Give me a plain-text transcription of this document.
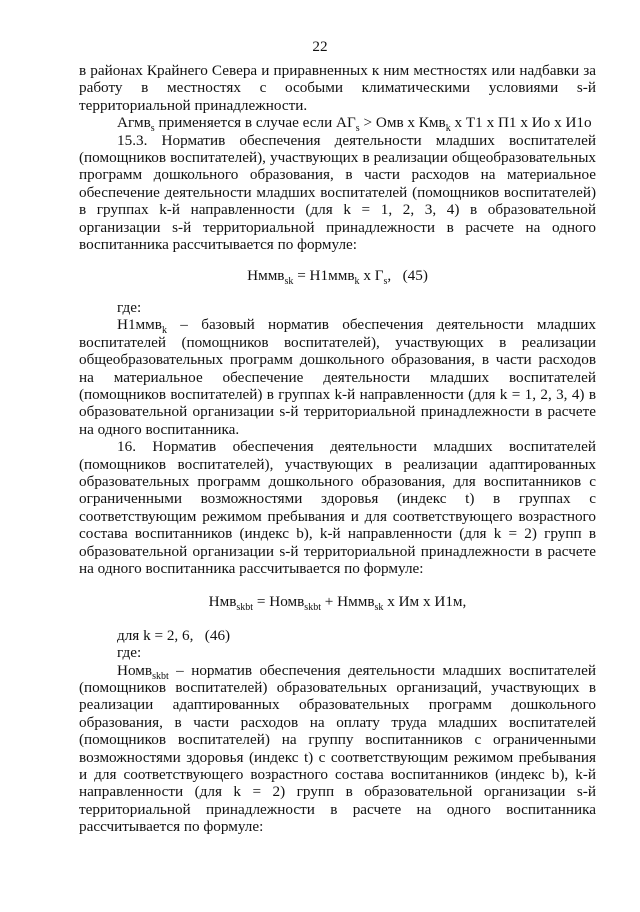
22

в районах Крайнего Севера и приравненных к ним местностях или надбавки за работу в местностях с особыми климатическими условиями s-й территориальной принадлежности.

Агмв$_s$ применяется в случае если $АГ_s$ > Омв х Кмв$_k$ х Т1 х П1 х Ио х И1о

15.3. Норматив обеспечения деятельности младших воспитателей (помощников воспитателей), участвующих в реализации общеобразовательных программ дошкольного образования, в части расходов на материальное обеспечение деятельности младших воспитателей (помощников воспитателей) в группах k-й направленности (для k = 1, 2, 3, 4) в образовательной организации s-й территориальной принадлежности в расчете на одного воспитанника рассчитывается по формуле:

Нммв$_{sk}$ = Н1ммв$_k$ х $Г_s$,   (45)

где:

Н1ммв$_k$ – базовый норматив обеспечения деятельности младших воспитателей (помощников воспитателей), участвующих в реализации общеобразовательных программ дошкольного образования, в части расходов на материальное обеспечение деятельности младших воспитателей (помощников воспитателей) в группах k-й направленности (для k = 1, 2, 3, 4) в образовательной организации s-й территориальной принадлежности в расчете на одного воспитанника.

16. Норматив обеспечения деятельности младших воспитателей (помощников воспитателей), участвующих в реализации адаптированных образовательных программ дошкольного образования, для воспитанников с ограниченными возможностями здоровья (индекс t) в группах с соответствующим режимом пребывания и для соответствующего возрастного состава воспитанников (индекс b), k-й направленности (для k = 2) групп в образовательной организации s-й территориальной принадлежности в расчете на одного воспитанника рассчитывается по формуле:

Нмв$_{skbt}$ = Номв$_{skbt}$ + Нммв$_{sk}$ х Им х И1м,

для k = 2, 6,   (46)

где:

Номв$_{skbt}$ – норматив обеспечения деятельности младших воспитателей (помощников воспитателей) образовательных организаций, участвующих в реализации адаптированных образовательных программ дошкольного образования, в части расходов на оплату труда младших воспитателей (помощников воспитателей) на группу воспитанников с ограниченными возможностями здоровья (индекс t) с соответствующим режимом пребывания и для соответствующего возрастного состава воспитанников (индекс b), k-й направленности (для k = 2) групп в образовательной организации s-й территориальной принадлежности в расчете на одного воспитанника рассчитывается по формуле:
